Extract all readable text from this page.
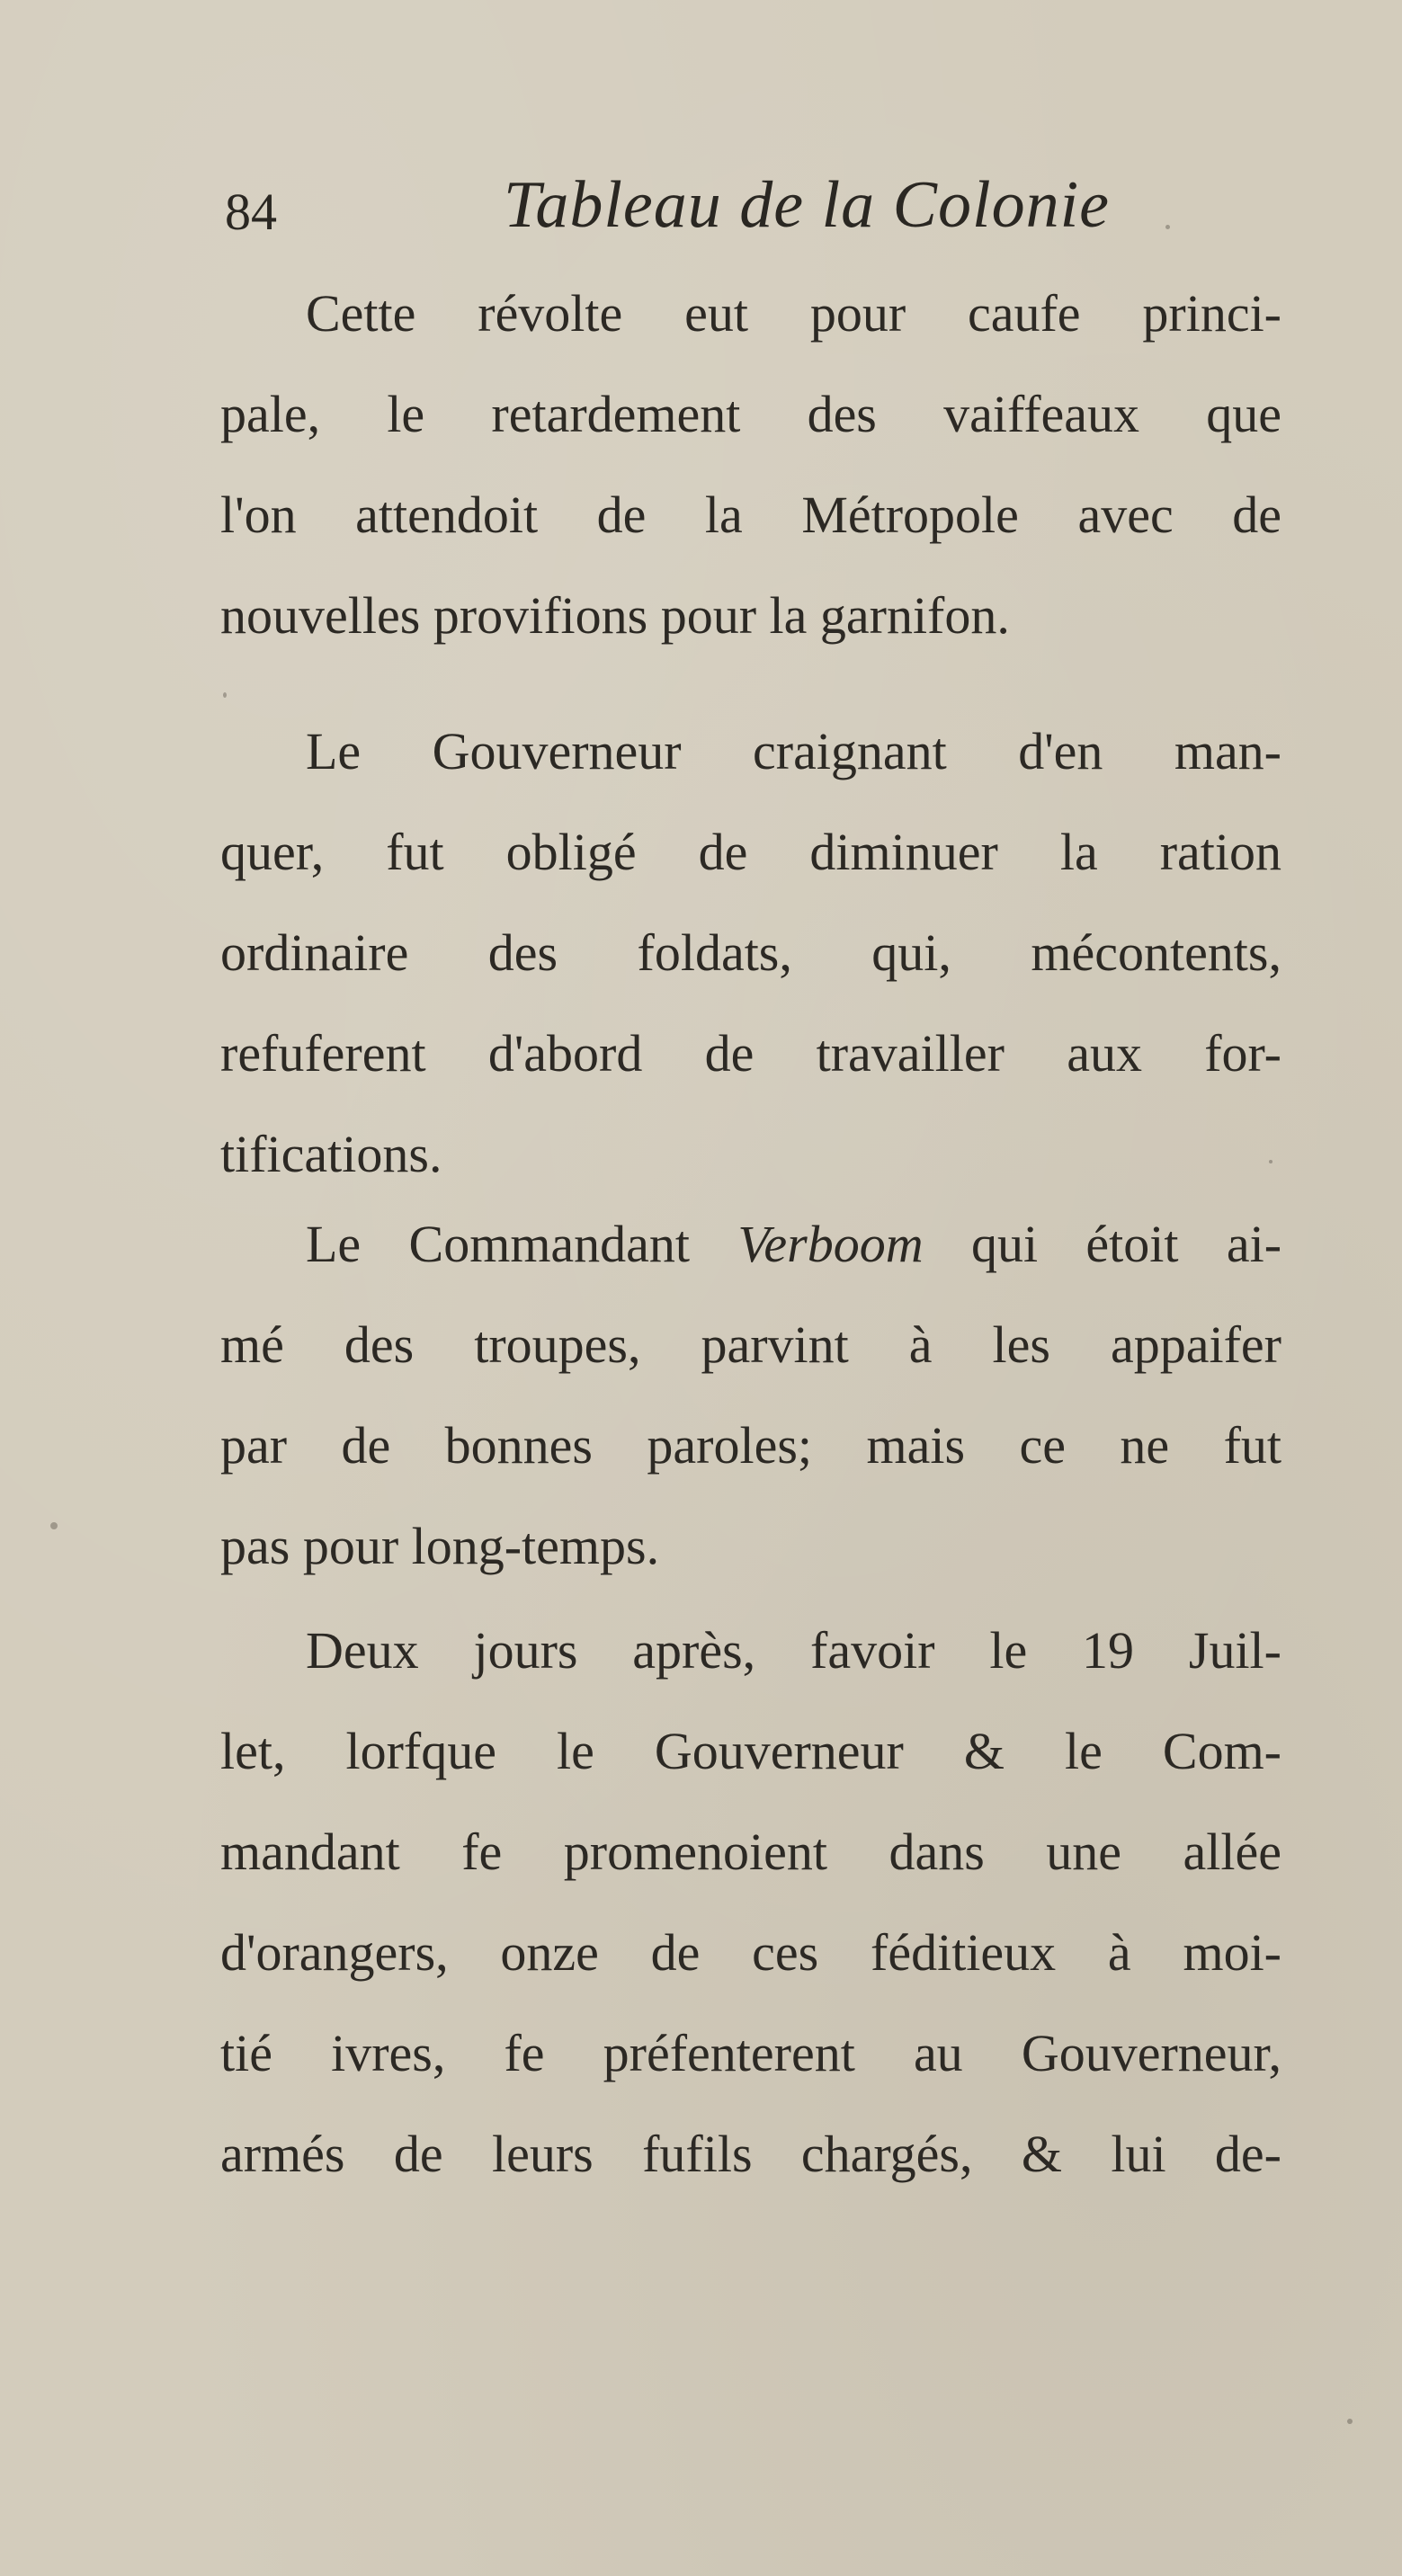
84	Tableau de la Colonie
Cette révolte eut pour caufe princi-
pale, le retardement des vaiffeaux que
l'on attendoit de la Métropole avec de
nouvelles provifions pour la garnifon.
Le Gouverneur craignant d'en man-
quer, fut obligé de diminuer la ration
ordinaire des foldats, qui, mécontents,
refuferent d'abord de travailler aux for-
tifications.
Le Commandant Verboom qui étoit ai-
mé des troupes, parvint à les appaifer
par de bonnes paroles; mais ce ne fut
pas pour long-temps.
Deux jours après, favoir le 19 Juil-
let, lorfque le Gouverneur & le Com-
mandant fe promenoient dans une allée
d'orangers, onze de ces féditieux à moi-
tié ivres, fe préfenterent au Gouverneur,
armés de leurs fufils chargés, & lui de-
